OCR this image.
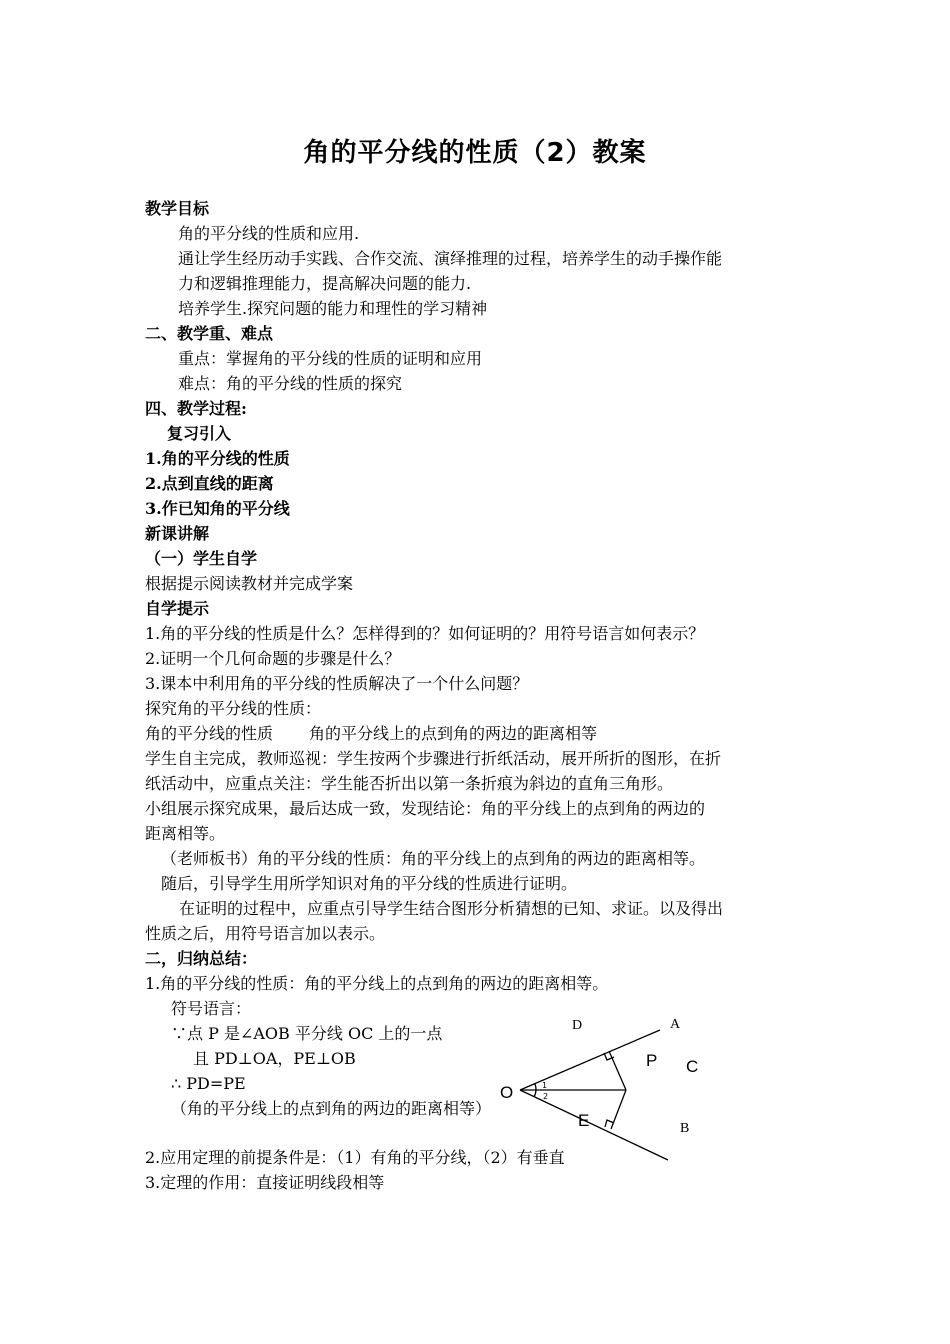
角的平分线的性质（2）教案

教学目标

角的平分线的性质和应用.

通让学生经历动手实践、合作交流、演绎推理的过程，培养学生的动手操作能

力和逻辑推理能力，提高解决问题的能力.

培养学生.探究问题的能力和理性的学习精神

二、教学重、难点

重点：掌握角的平分线的性质的证明和应用

难点：角的平分线的性质的探究

四、教学过程:

复习引入

1.角的平分线的性质

2.点到直线的距离

3.作已知角的平分线

新课讲解

（一）学生自学

根据提示阅读教材并完成学案

自学提示

1.角的平分线的性质是什么？怎样得到的？如何证明的？用符号语言如何表示？

2.证明一个几何命题的步骤是什么？

3.课本中利用角的平分线的性质解决了一个什么问题？

探究角的平分线的性质：

角的平分线的性质 角的平分线上的点到角的两边的距离相等

学生自主完成，教师巡视：学生按两个步骤进行折纸活动，展开所折的图形，在折

纸活动中，应重点关注：学生能否折出以第一条折痕为斜边的直角三角形。

小组展示探究成果，最后达成一致，发现结论：角的平分线上的点到角的两边的

距离相等。

（老师板书）角的平分线的性质：角的平分线上的点到角的两边的距离相等。

随后，引导学生用所学知识对角的平分线的性质进行证明。

在证明的过程中，应重点引导学生结合图形分析猜想的已知、求证。以及得出

性质之后，用符号语言加以表示。

二，归纳总结：

1.角的平分线的性质：角的平分线上的点到角的两边的距离相等。

符号语言：

∵点 P 是∠AOB 平分线 OC 上的一点

且 PD⊥OA，PE⊥OB

∴ PD=PE

（角的平分线上的点到角的两边的距离相等）

2.应用定理的前提条件是：（1）有角的平分线，（2）有垂直

3.定理的作用：直接证明线段相等

O
A
B
C
D
E
P
1
2
